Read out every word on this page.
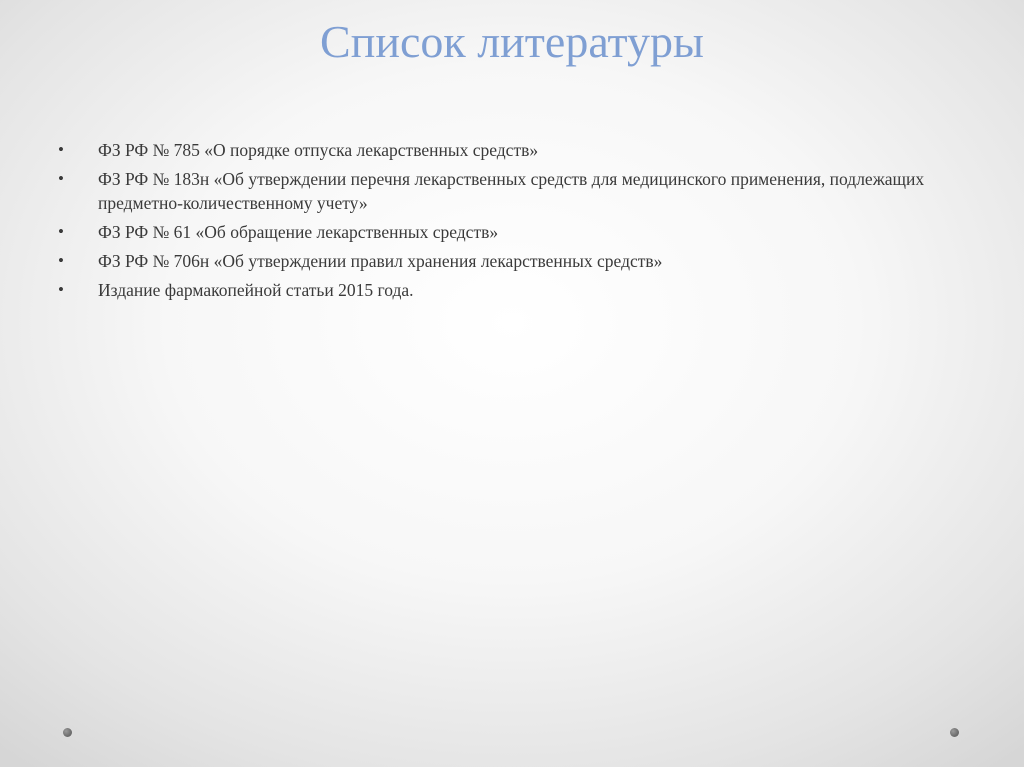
Список литературы
•	ФЗ РФ № 785 «О порядке отпуска лекарственных средств»
•	ФЗ РФ № 183н «Об утверждении перечня лекарственных средств для медицинского применения, подлежащих предметно-количественному учету»
•	ФЗ РФ № 61 «Об обращение лекарственных средств»
•	ФЗ РФ № 706н «Об утверждении правил хранения лекарственных средств»
•	Издание фармакопейной статьи 2015 года.
